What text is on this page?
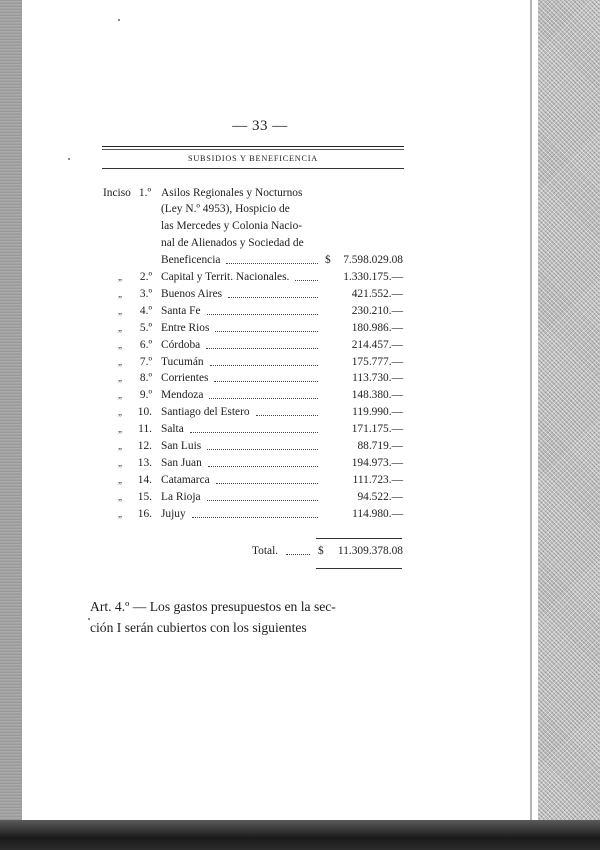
— 33 —
SUBSIDIOS Y BENEFICENCIA
Inciso 1.º Asilos Regionales y Nocturnos
(Ley N.º 4953), Hospicio de
las Mercedes y Colonia Nacio-
nal de Alienados y Sociedad de
Beneficencia	$	7.598.029.08
„	2.º Capital y Territ. Nacionales.	1.330.175.—
„	3.º Buenos Aires	421.552.—
„	4.º Santa Fe	230.210.—
„	5.º Entre Rios	180.986.—
„	6.º Córdoba	214.457.—
„	7.º Tucumán	175.777.—
„	8.º Corrientes	113.730.—
„	9.º Mendoza	148.380.—
„	10. Santiago del Estero	119.990.—
„	11. Salta	171.175.—
„	12. San Luis	88.719.—
„	13. San Juan	194.973.—
„	14. Catamarca	111.723.—
„	15. La Rioja	94.522.—
„	16. Jujuy	114.980.—
Total.	$	11.309.378.08
Art. 4.º — Los gastos presupuestos en la sec-
ción I serán cubiertos con los siguientes
